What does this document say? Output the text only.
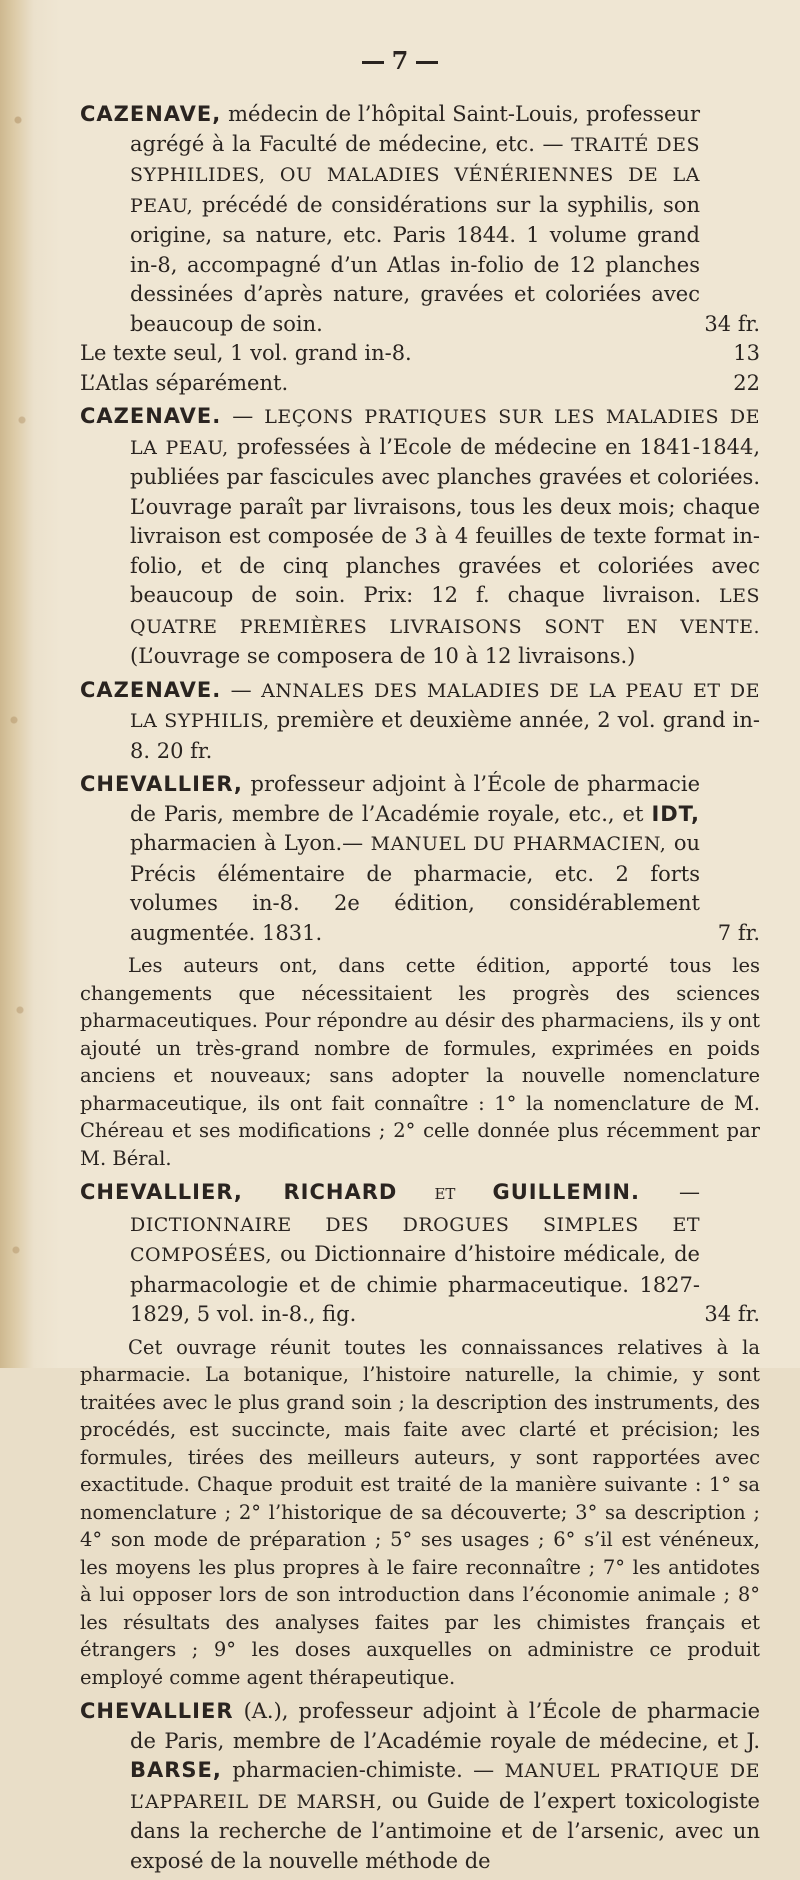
7
CAZENAVE, médecin de l’hôpital Saint-Louis, professeur agrégé à la Faculté de médecine, etc. — TRAITÉ DES SYPHILIDES, OU MALADIES VÉNÉRIENNES DE LA PEAU, précédé de considérations sur la syphilis, son origine, sa nature, etc. Paris 1844. 1 volume grand in-8, accompagné d’un Atlas in-folio de 12 planches dessinées d’après nature, gravées et coloriées avec beaucoup de soin.	34 fr.
Le texte seul, 1 vol. grand in-8.	13
L’Atlas séparément.	22
CAZENAVE. — LEÇONS PRATIQUES SUR LES MALADIES DE LA PEAU, professées à l’Ecole de médecine en 1841-1844, publiées par fascicules avec planches gravées et coloriées. L’ouvrage paraît par livraisons, tous les deux mois; chaque livraison est composée de 3 à 4 feuilles de texte format in-folio, et de cinq planches gravées et coloriées avec beaucoup de soin. Prix: 12 f. chaque livraison. LES QUATRE PREMIÈRES LIVRAISONS SONT EN VENTE. (L’ouvrage se composera de 10 à 12 livraisons.)
CAZENAVE. — ANNALES DES MALADIES DE LA PEAU ET DE LA SYPHILIS, première et deuxième année, 2 vol. grand in-8. 20 fr.
CHEVALLIER, professeur adjoint à l’École de pharmacie de Paris, membre de l’Académie royale, etc., et IDT, pharmacien à Lyon.— MANUEL DU PHARMACIEN, ou Précis élémentaire de pharmacie, etc. 2 forts volumes in-8. 2e édition, considérablement augmentée. 1831.	7 fr.

Les auteurs ont, dans cette édition, apporté tous les changements que nécessitaient les progrès des sciences pharmaceutiques. Pour répondre au désir des pharmaciens, ils y ont ajouté un très-grand nombre de formules, exprimées en poids anciens et nouveaux; sans adopter la nouvelle nomenclature pharmaceutique, ils ont fait connaître : 1° la nomenclature de M. Chéreau et ses modifications ; 2° celle donnée plus récemment par M. Béral.

CHEVALLIER, RICHARD ET GUILLEMIN. — DICTIONNAIRE DES DROGUES SIMPLES ET COMPOSÉES, ou Dictionnaire d’histoire médicale, de pharmacologie et de chimie pharmaceutique. 1827-1829, 5 vol. in-8., fig.	34 fr.

Cet ouvrage réunit toutes les connaissances relatives à la pharmacie. La botanique, l’histoire naturelle, la chimie, y sont traitées avec le plus grand soin ; la description des instruments, des procédés, est succincte, mais faite avec clarté et précision; les formules, tirées des meilleurs auteurs, y sont rapportées avec exactitude. Chaque produit est traité de la manière suivante : 1° sa nomenclature ; 2° l’historique de sa découverte; 3° sa description ; 4° son mode de préparation ; 5° ses usages ; 6° s’il est vénéneux, les moyens les plus propres à le faire reconnaître ; 7° les antidotes à lui opposer lors de son introduction dans l’économie animale ; 8° les résultats des analyses faites par les chimistes français et étrangers ; 9° les doses auxquelles on administre ce produit employé comme agent thérapeutique.

CHEVALLIER (A.), professeur adjoint à l’École de pharmacie de Paris, membre de l’Académie royale de médecine, et J. BARSE, pharmacien-chimiste. — MANUEL PRATIQUE DE L’APPAREIL DE MARSH, ou Guide de l’expert toxicologiste dans la recherche de l’antimoine et de l’arsenic, avec un exposé de la nouvelle méthode de
